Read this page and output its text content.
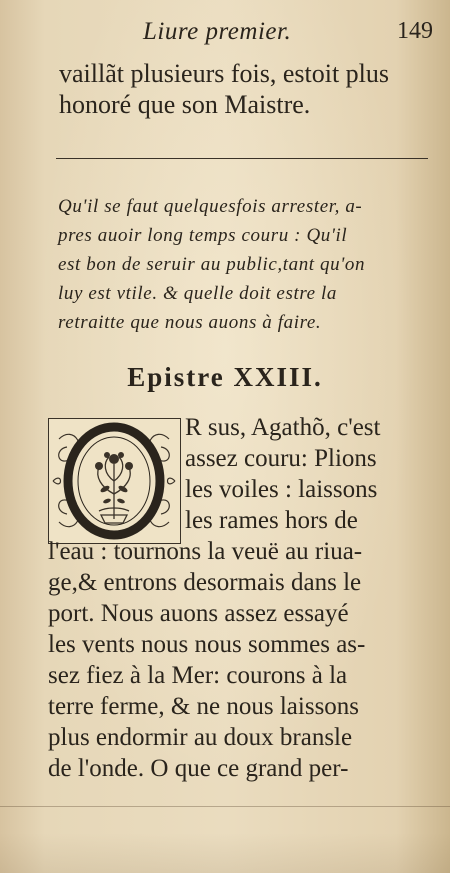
Liure premier.	149

vaillãt plusieurs fois, estoit plus
honoré que son Maistre.

Qu'il se faut quelquesfois arrester, a-
pres auoir long temps couru : Qu'il
est bon de seruir au public,tant qu'on
luy est vtile. & quelle doit estre la
retraitte que nous auons à faire.

Epistre XXIII.

R sus, Agathõ, c'est
assez couru: Plions
les voiles : laissons
les rames hors de
l'eau : tournons la veuë au riua-
ge,& entrons desormais dans le
port. Nous auons assez essayé
les vents nous nous sommes as-
sez fiez à la Mer: courons à la
terre ferme, & ne nous laissons
plus endormir au doux bransle
de l'onde. O que ce grand per-
